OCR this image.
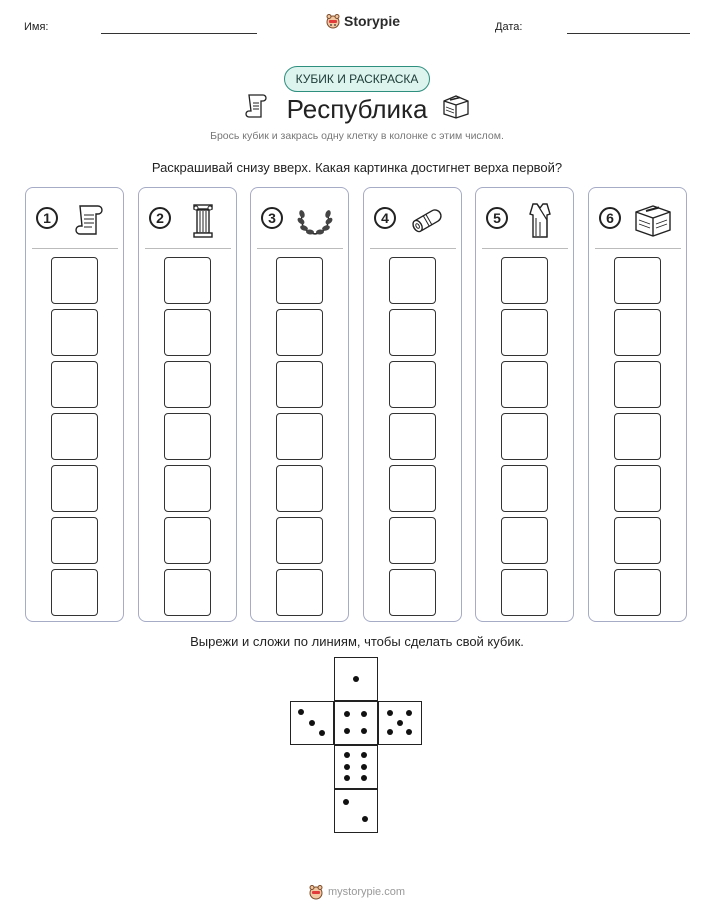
Имя:	Storypie	Дата:
КУБИК И РАСКРАСКА
Республика
Брось кубик и закрась одну клетку в колонке с этим числом.
Раскрашивай снизу вверх. Какая картинка достигнет верха первой?
1	2	3	4	5	6
Вырежи и сложи по линиям, чтобы сделать свой кубик.
mystorypie.com
